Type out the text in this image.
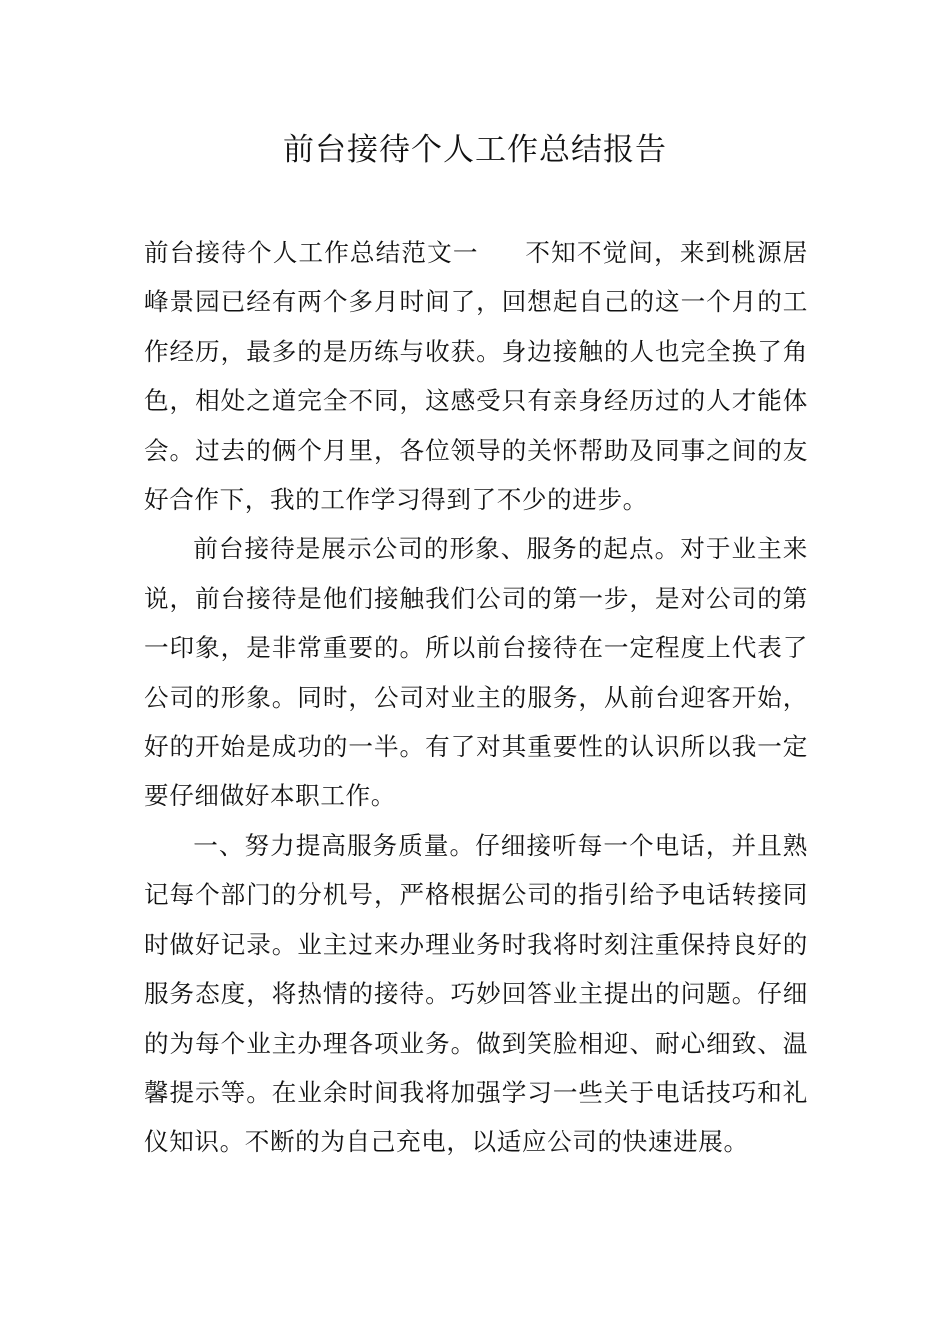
前台接待个人工作总结报告

前台接待个人工作总结范文一 不知不觉间，来到桃源居峰景园已经有两个多月时间了，回想起自己的这一个月的工作经历，最多的是历练与收获。身边接触的人也完全换了角色，相处之道完全不同，这感受只有亲身经历过的人才能体会。过去的俩个月里，各位领导的关怀帮助及同事之间的友好合作下，我的工作学习得到了不少的进步。

前台接待是展示公司的形象、服务的起点。对于业主来说，前台接待是他们接触我们公司的第一步，是对公司的第一印象，是非常重要的。所以前台接待在一定程度上代表了公司的形象。同时，公司对业主的服务，从前台迎客开始，好的开始是成功的一半。有了对其重要性的认识所以我一定要仔细做好本职工作。

一、努力提高服务质量。仔细接听每一个电话，并且熟记每个部门的分机号，严格根据公司的指引给予电话转接同时做好记录。业主过来办理业务时我将时刻注重保持良好的服务态度，将热情的接待。巧妙回答业主提出的问题。仔细的为每个业主办理各项业务。做到笑脸相迎、耐心细致、温馨提示等。在业余时间我将加强学习一些关于电话技巧和礼仪知识。不断的为自己充电，以适应公司的快速进展。
